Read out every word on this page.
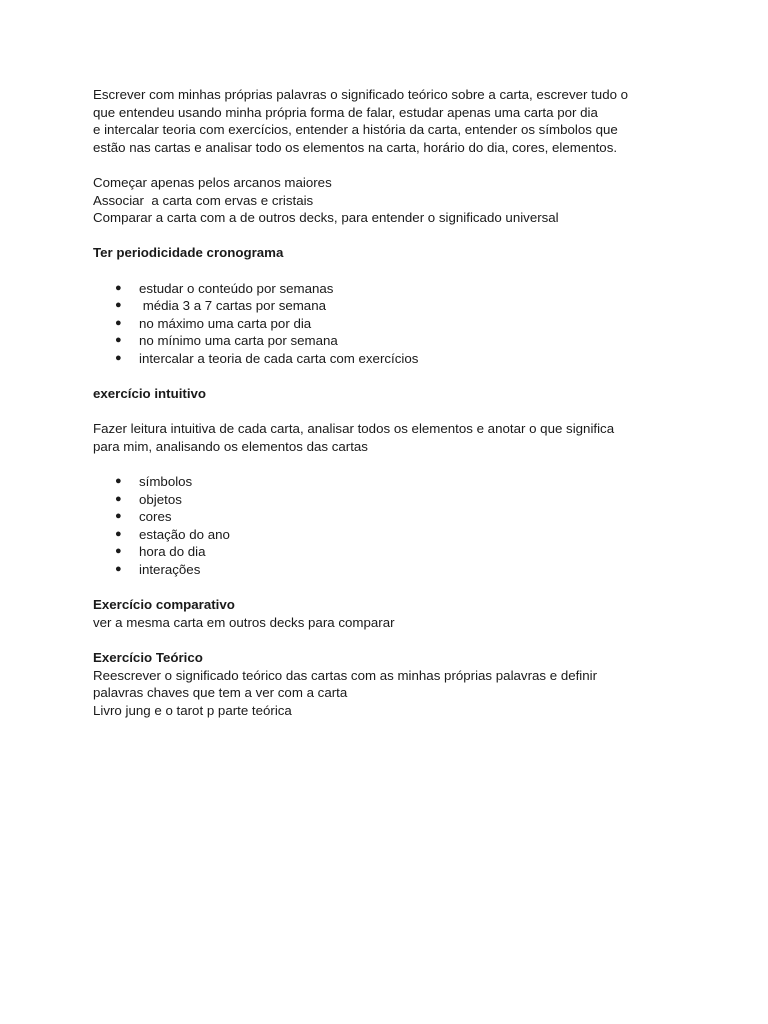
Escrever com minhas próprias palavras o significado teórico sobre a carta, escrever tudo o
que entendeu usando minha própria forma de falar, estudar apenas uma carta por dia
e intercalar teoria com exercícios, entender a história da carta, entender os símbolos que
estão nas cartas e analisar todo os elementos na carta, horário do dia, cores, elementos.
Começar apenas pelos arcanos maiores
Associar  a carta com ervas e cristais
Comparar a carta com a de outros decks, para entender o significado universal
Ter periodicidade cronograma
● estudar o conteúdo por semanas
● média 3 a 7 cartas por semana
● no máximo uma carta por dia
● no mínimo uma carta por semana
● intercalar a teoria de cada carta com exercícios
exercício intuitivo
Fazer leitura intuitiva de cada carta, analisar todos os elementos e anotar o que significa
para mim, analisando os elementos das cartas
● símbolos
● objetos
● cores
● estação do ano
● hora do dia
● interações
Exercício comparativo
ver a mesma carta em outros decks para comparar
Exercício Teórico
Reescrever o significado teórico das cartas com as minhas próprias palavras e definir
palavras chaves que tem a ver com a carta
Livro jung e o tarot p parte teórica
